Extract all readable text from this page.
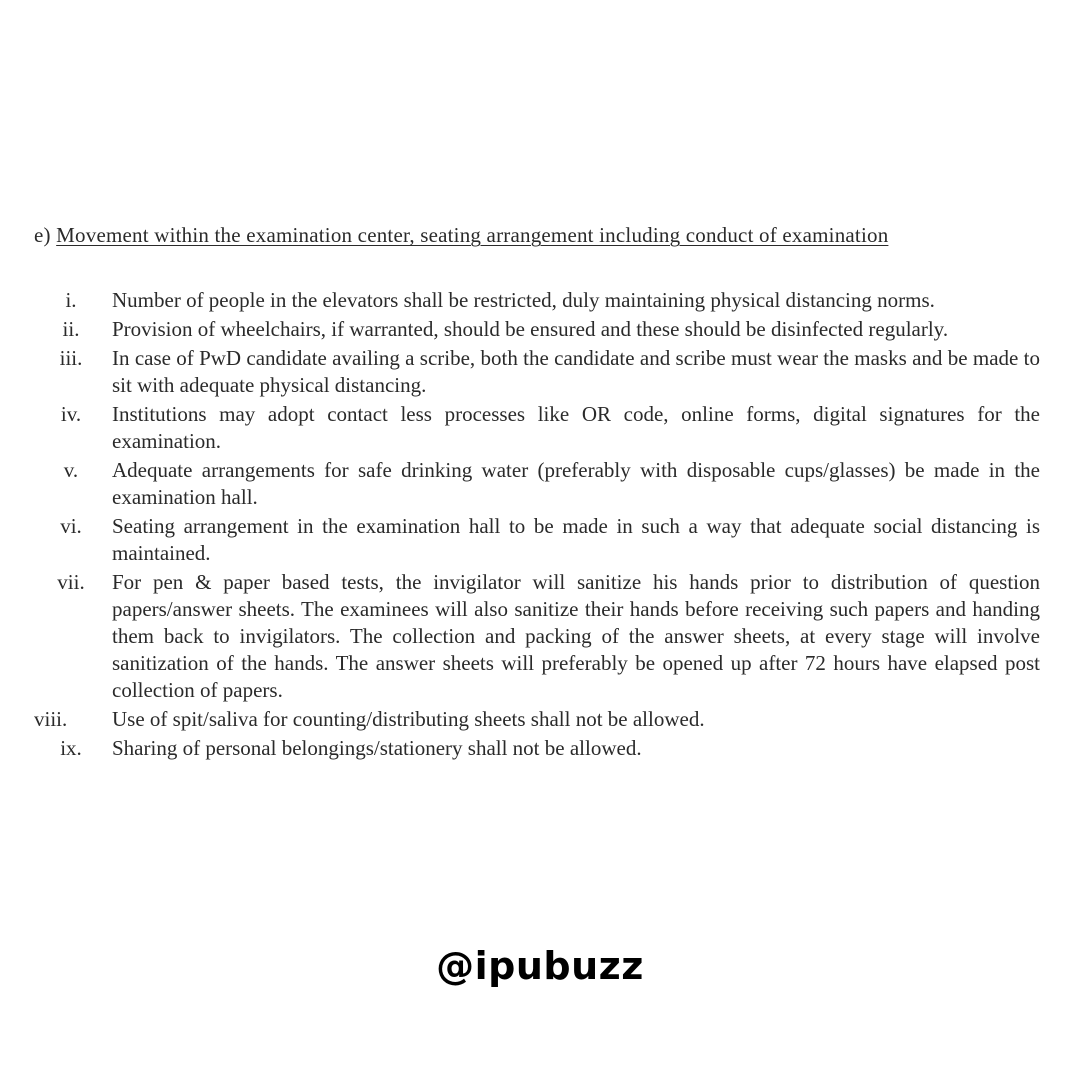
e) Movement within the examination center, seating arrangement including conduct of examination

i.	Number of people in the elevators shall be restricted, duly maintaining physical distancing norms.
ii.	Provision of wheelchairs, if warranted, should be ensured and these should be disinfected regularly.
iii.	In case of PwD candidate availing a scribe, both the candidate and scribe must wear the masks and be made to sit with adequate physical distancing.
iv.	Institutions may adopt contact less processes like OR code, online forms, digital signatures for the examination.
v.	Adequate arrangements for safe drinking water (preferably with disposable cups/glasses) be made in the examination hall.
vi.	Seating arrangement in the examination hall to be made in such a way that adequate social distancing is maintained.
vii.	For pen & paper based tests, the invigilator will sanitize his hands prior to distribution of question papers/answer sheets. The examinees will also sanitize their hands before receiving such papers and handing them back to invigilators. The collection and packing of the answer sheets, at every stage will involve sanitization of the hands. The answer sheets will preferably be opened up after 72 hours have elapsed post collection of papers.
viii.	Use of spit/saliva for counting/distributing sheets shall not be allowed.
ix.	Sharing of personal belongings/stationery shall not be allowed.
@ipubuzz
